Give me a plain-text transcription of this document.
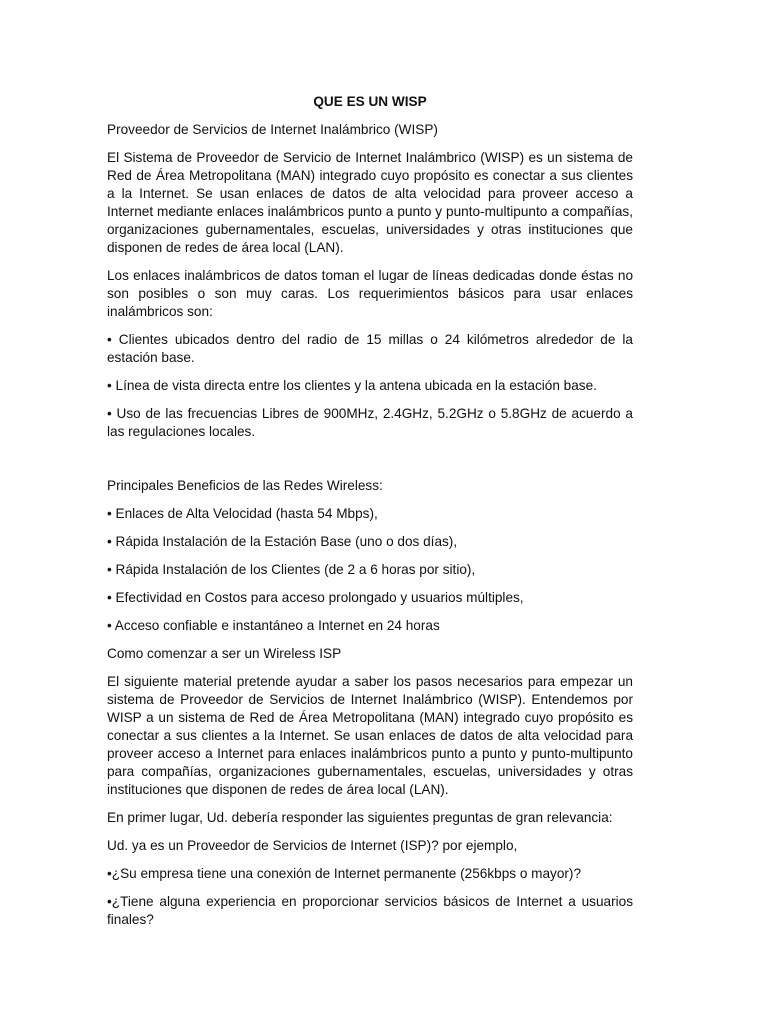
QUE ES UN WISP

Proveedor de Servicios de Internet Inalámbrico (WISP)

El Sistema de Proveedor de Servicio de Internet Inalámbrico (WISP) es un sistema de Red de Área Metropolitana (MAN) integrado cuyo propósito es conectar a sus clientes a la Internet. Se usan enlaces de datos de alta velocidad para proveer acceso a Internet mediante enlaces inalámbricos punto a punto y punto-multipunto a compañías, organizaciones gubernamentales, escuelas, universidades y otras instituciones que disponen de redes de área local (LAN).

Los enlaces inalámbricos de datos toman el lugar de líneas dedicadas donde éstas no son posibles o son muy caras. Los requerimientos básicos para usar enlaces inalámbricos son:

• Clientes ubicados dentro del radio de 15 millas o 24 kilómetros alrededor de la estación base.

• Línea de vista directa entre los clientes y la antena ubicada en la estación base.

• Uso de las frecuencias Libres de 900MHz, 2.4GHz, 5.2GHz o 5.8GHz de acuerdo a las regulaciones locales.

Principales Beneficios de las Redes Wireless:

• Enlaces de Alta Velocidad (hasta 54 Mbps),

• Rápida Instalación de la Estación Base (uno o dos días),

• Rápida Instalación de los Clientes (de 2 a 6 horas por sitio),

• Efectividad en Costos para acceso prolongado y usuarios múltiples,

• Acceso confiable e instantáneo a Internet en 24 horas

Como comenzar a ser un Wireless ISP

El siguiente material pretende ayudar a saber los pasos necesarios para empezar un sistema de Proveedor de Servicios de Internet Inalámbrico (WISP). Entendemos por WISP a un sistema de Red de Área Metropolitana (MAN) integrado cuyo propósito es conectar a sus clientes a la Internet. Se usan enlaces de datos de alta velocidad para proveer acceso a Internet para enlaces inalámbricos punto a punto y punto-multipunto para compañías, organizaciones gubernamentales, escuelas, universidades y otras instituciones que disponen de redes de área local (LAN).

En primer lugar, Ud. debería responder las siguientes preguntas de gran relevancia:

Ud. ya es un Proveedor de Servicios de Internet (ISP)? por ejemplo,

•¿Su empresa tiene una conexión de Internet permanente (256kbps o mayor)?

•¿Tiene alguna experiencia en proporcionar servicios básicos de Internet a usuarios finales?
